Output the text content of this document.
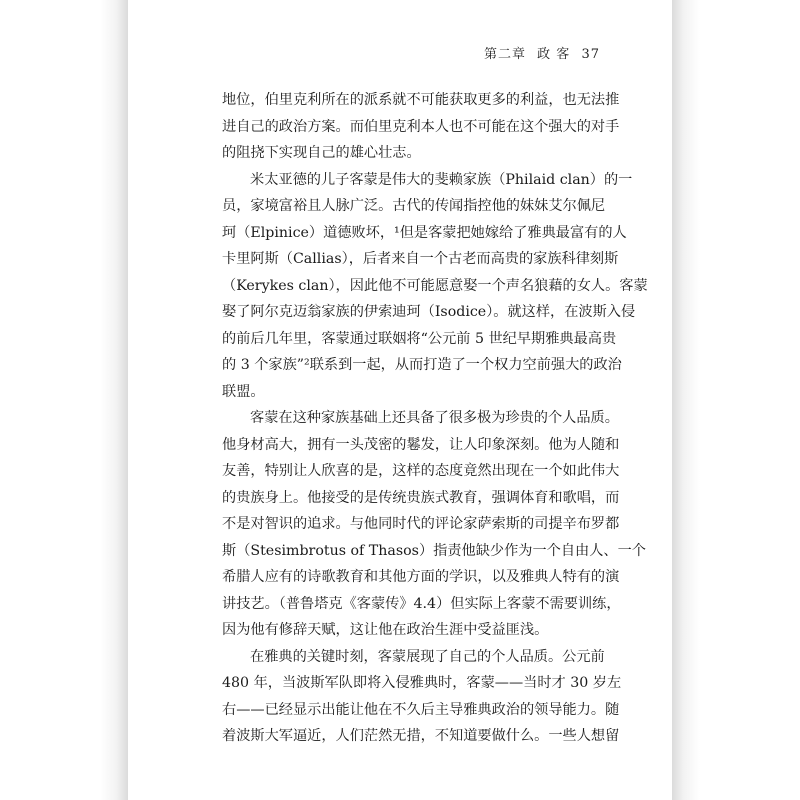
第二章 政 客 37
地位，伯里克利所在的派系就不可能获取更多的利益，也无法推
进自己的政治方案。而伯里克利本人也不可能在这个强大的对手
的阻挠下实现自己的雄心壮志。
米太亚德的儿子客蒙是伟大的斐赖家族（Philaid clan）的一
员，家境富裕且人脉广泛。古代的传闻指控他的妹妹艾尔佩尼
珂（Elpinice）道德败坏，¹但是客蒙把她嫁给了雅典最富有的人
卡里阿斯（Callias），后者来自一个古老而高贵的家族科律刻斯
（Kerykes clan），因此他不可能愿意娶一个声名狼藉的女人。客蒙
娶了阿尔克迈翁家族的伊索迪珂（Isodice）。就这样，在波斯入侵
的前后几年里，客蒙通过联姻将“公元前 5 世纪早期雅典最高贵
的 3 个家族”²联系到一起，从而打造了一个权力空前强大的政治
联盟。
客蒙在这种家族基础上还具备了很多极为珍贵的个人品质。
他身材高大，拥有一头茂密的鬈发，让人印象深刻。他为人随和
友善，特别让人欣喜的是，这样的态度竟然出现在一个如此伟大
的贵族身上。他接受的是传统贵族式教育，强调体育和歌唱，而
不是对智识的追求。与他同时代的评论家萨索斯的司提辛布罗都
斯（Stesimbrotus of Thasos）指责他缺少作为一个自由人、一个
希腊人应有的诗歌教育和其他方面的学识，以及雅典人特有的演
讲技艺。（普鲁塔克《客蒙传》4.4）但实际上客蒙不需要训练，
因为他有修辞天赋，这让他在政治生涯中受益匪浅。
在雅典的关键时刻，客蒙展现了自己的个人品质。公元前
480 年，当波斯军队即将入侵雅典时，客蒙——当时才 30 岁左
右——已经显示出能让他在不久后主导雅典政治的领导能力。随
着波斯大军逼近，人们茫然无措，不知道要做什么。一些人想留
